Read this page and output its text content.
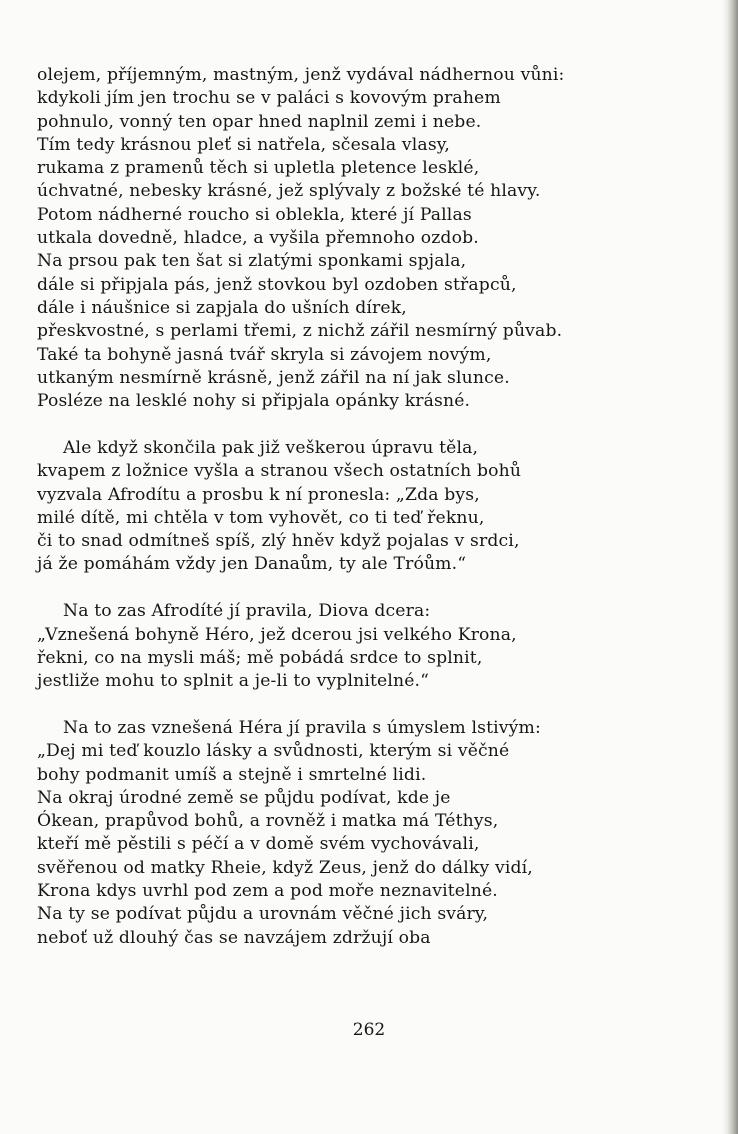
olejem, příjemným, mastným, jenž vydával nádhernou vůni:
kdykoli jím jen trochu se v paláci s kovovým prahem
pohnulo, vonný ten opar hned naplnil zemi i nebe.
Tím tedy krásnou pleť si natřela, sčesala vlasy,
rukama z pramenů těch si upletla pletence lesklé,
úchvatné, nebesky krásné, jež splývaly z božské té hlavy.
Potom nádherné roucho si oblekla, které jí Pallas
utkala dovedně, hladce, a vyšila přemnoho ozdob.
Na prsou pak ten šat si zlatými sponkami spjala,
dále si připjala pás, jenž stovkou byl ozdoben střapců,
dále i náušnice si zapjala do ušních dírek,
přeskvostné, s perlami třemi, z nichž zářil nesmírný půvab.
Také ta bohyně jasná tvář skryla si závojem novým,
utkaným nesmírně krásně, jenž zářil na ní jak slunce.
Posléze na lesklé nohy si připjala opánky krásné.
Ale když skončila pak již veškerou úpravu těla,
kvapem z ložnice vyšla a stranou všech ostatních bohů
vyzvala Afrodítu a prosbu k ní pronesla: „Zda bys,
milé dítě, mi chtěla v tom vyhovět, co ti teď řeknu,
či to snad odmítneš spíš, zlý hněv když pojalas v srdci,
já že pomáhám vždy jen Danaům, ty ale Tróům.“
Na to zas Afrodíté jí pravila, Diova dcera:
„Vznešená bohyně Héro, jež dcerou jsi velkého Krona,
řekni, co na mysli máš; mě pobádá srdce to splnit,
jestliže mohu to splnit a je-li to vyplnitelné.“
Na to zas vznešená Héra jí pravila s úmyslem lstivým:
„Dej mi teď kouzlo lásky a svůdnosti, kterým si věčné
bohy podmanit umíš a stejně i smrtelné lidi.
Na okraj úrodné země se půjdu podívat, kde je
Ókean, prapůvod bohů, a rovněž i matka má Téthys,
kteří mě pěstili s péčí a v domě svém vychovávali,
svěřenou od matky Rheie, když Zeus, jenž do dálky vidí,
Krona kdys uvrhl pod zem a pod moře neznavitelné.
Na ty se podívat půjdu a urovnám věčné jich sváry,
neboť už dlouhý čas se navzájem zdržují oba
262
